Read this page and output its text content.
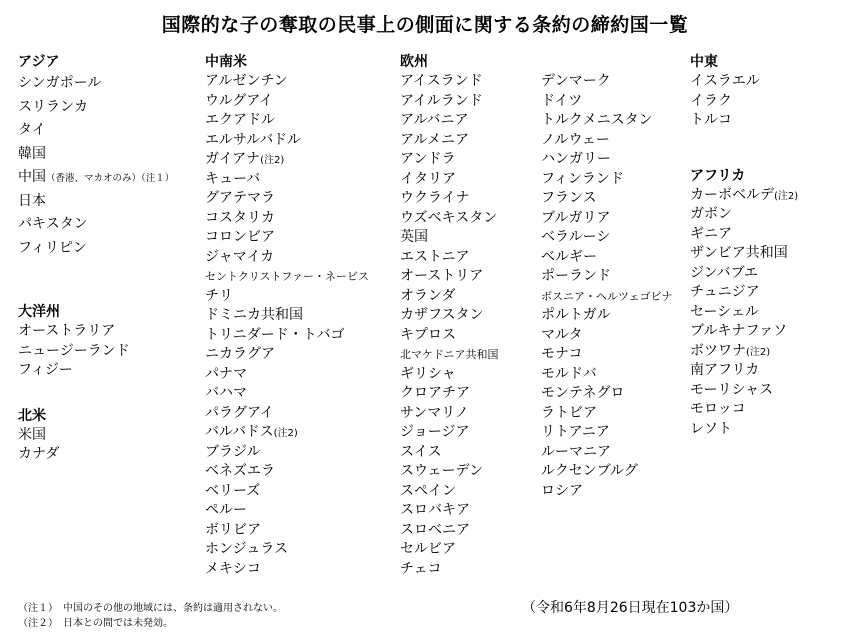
国際的な子の奪取の民事上の側面に関する条約の締約国一覧
アジア
シンガポール
スリランカ
タイ
韓国
中国（香港、マカオのみ）（注１）
日本
パキスタン
フィリピン
大洋州
オーストラリア
ニュージーランド
フィジー
北米
米国
カナダ
中南米
アルゼンチン
ウルグアイ
エクアドル
エルサルバドル
ガイアナ(注2)
キューバ
グアテマラ
コスタリカ
コロンビア
ジャマイカ
セントクリストファー・ネービス
チリ
ドミニカ共和国
トリニダード・トバゴ
ニカラグア
パナマ
バハマ
パラグアイ
バルバドス(注2)
ブラジル
ベネズエラ
ベリーズ
ペルー
ボリビア
ホンジュラス
メキシコ
欧州
アイスランド
アイルランド
アルバニア
アルメニア
アンドラ
イタリア
ウクライナ
ウズベキスタン
英国
エストニア
オーストリア
オランダ
カザフスタン
キプロス
北マケドニア共和国
ギリシャ
クロアチア
サンマリノ
ジョージア
スイス
スウェーデン
スペイン
スロバキア
スロベニア
セルビア
チェコ
デンマーク
ドイツ
トルクメニスタン
ノルウェー
ハンガリー
フィンランド
フランス
ブルガリア
ベラルーシ
ベルギー
ポーランド
ボスニア・ヘルツェゴビナ
ポルトガル
マルタ
モナコ
モルドバ
モンテネグロ
ラトビア
リトアニア
ルーマニア
ルクセンブルグ
ロシア
中東
イスラエル
イラク
トルコ
アフリカ
カーボベルデ(注2)
ガボン
ギニア
ザンビア共和国
ジンバブエ
チュニジア
セーシェル
ブルキナファソ
ボツワナ(注2)
南アフリカ
モーリシャス
モロッコ
レソト
（注１）　中国のその他の地域には、条約は適用されない。
（注２）　日本との間では未発効。
（令和6年8月26日現在103か国）
